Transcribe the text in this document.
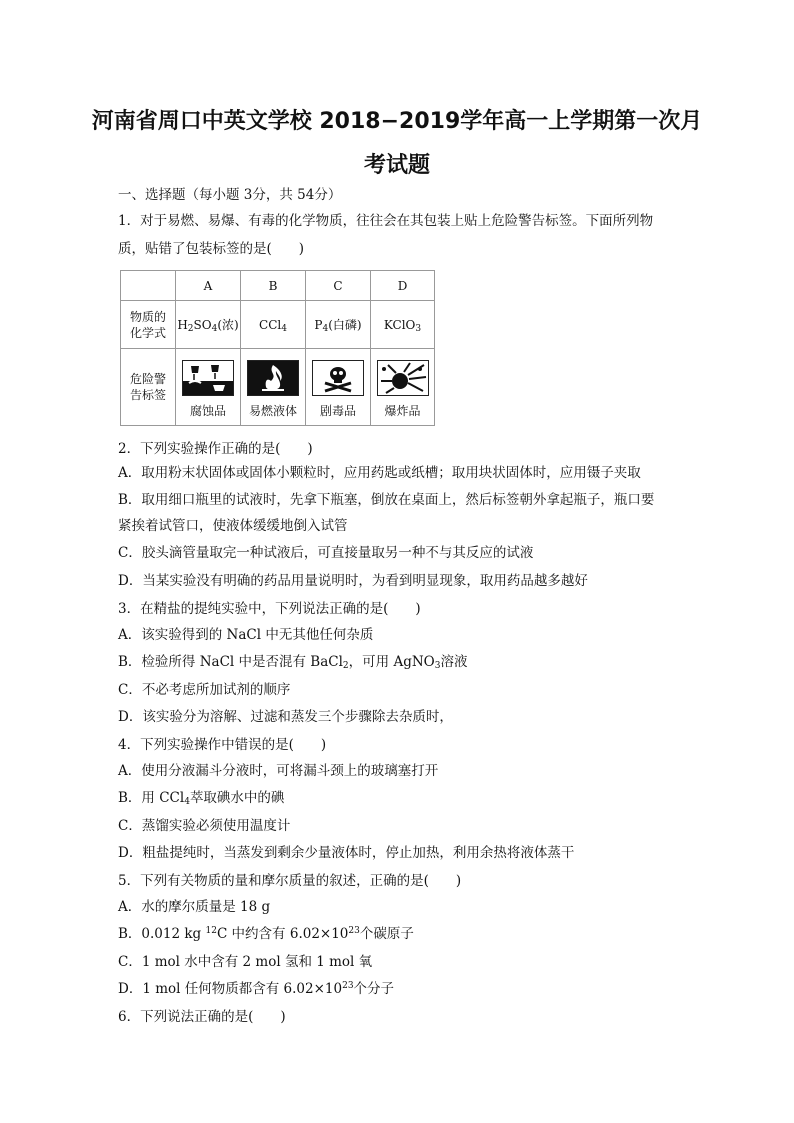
河南省周口中英文学校 2018−2019学年高一上学期第一次月
考试题
一、选择题（每小题 3分，共 54分）
1．对于易燃、易爆、有毒的化学物质，往往会在其包装上贴上危险警告标签。下面所列物
质，贴错了包装标签的是(　　)
	A	B	C	D

物质的
化学式	$H_2SO_4$(浓)	CCl$_4$	$P_4$(白磷)	KClO$_3$

危险警
告标签	腐蚀品	易燃液体	剧毒品	爆炸品
2．下列实验操作正确的是(　　)
A．取用粉末状固体或固体小颗粒时，应用药匙或纸槽；取用块状固体时，应用镊子夹取
B．取用细口瓶里的试液时，先拿下瓶塞，倒放在桌面上，然后标签朝外拿起瓶子，瓶口要
紧挨着试管口，使液体缓缓地倒入试管
C．胶头滴管量取完一种试液后，可直接量取另一种不与其反应的试液
D．当某实验没有明确的药品用量说明时，为看到明显现象，取用药品越多越好
3．在精盐的提纯实验中，下列说法正确的是(　　)
A．该实验得到的 NaCl 中无其他任何杂质
B．检验所得 NaCl 中是否混有 BaCl$_2$，可用 AgNO$_3$溶液
C．不必考虑所加试剂的顺序
D．该实验分为溶解、过滤和蒸发三个步骤除去杂质时，
4．下列实验操作中错误的是(　　)
A．使用分液漏斗分液时，可将漏斗颈上的玻璃塞打开
B．用 CCl$_4$萃取碘水中的碘
C．蒸馏实验必须使用温度计
D．粗盐提纯时，当蒸发到剩余少量液体时，停止加热，利用余热将液体蒸干
5．下列有关物质的量和摩尔质量的叙述，正确的是(　　)
A．水的摩尔质量是 18 g
B．0.012 kg $^{12}$C 中约含有 $6.02\times 10^{23}$个碳原子
C．1 mol 水中含有 2 mol 氢和 1 mol 氧
D．1 mol 任何物质都含有 $6.02\times 10^{23}$个分子
6．下列说法正确的是(　　)
